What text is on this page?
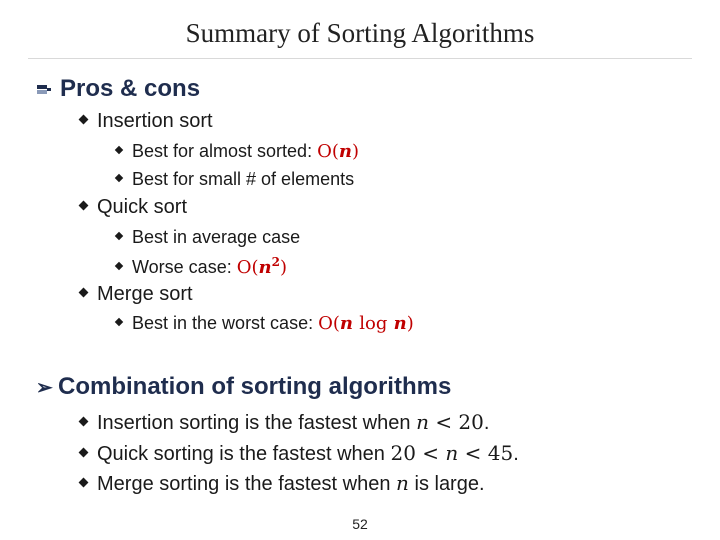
Summary of Sorting Algorithms
Pros & cons
Insertion sort
Best for almost sorted: O(n)
Best for small # of elements
Quick sort
Best in average case
Worse case: $O(n^2)$
Merge sort
Best in the worst case: O(n log n)
➢ Combination of sorting algorithms
Insertion sorting is the fastest when n < 20.
Quick sorting is the fastest when 20 < n < 45.
Merge sorting is the fastest when n is large.
52
